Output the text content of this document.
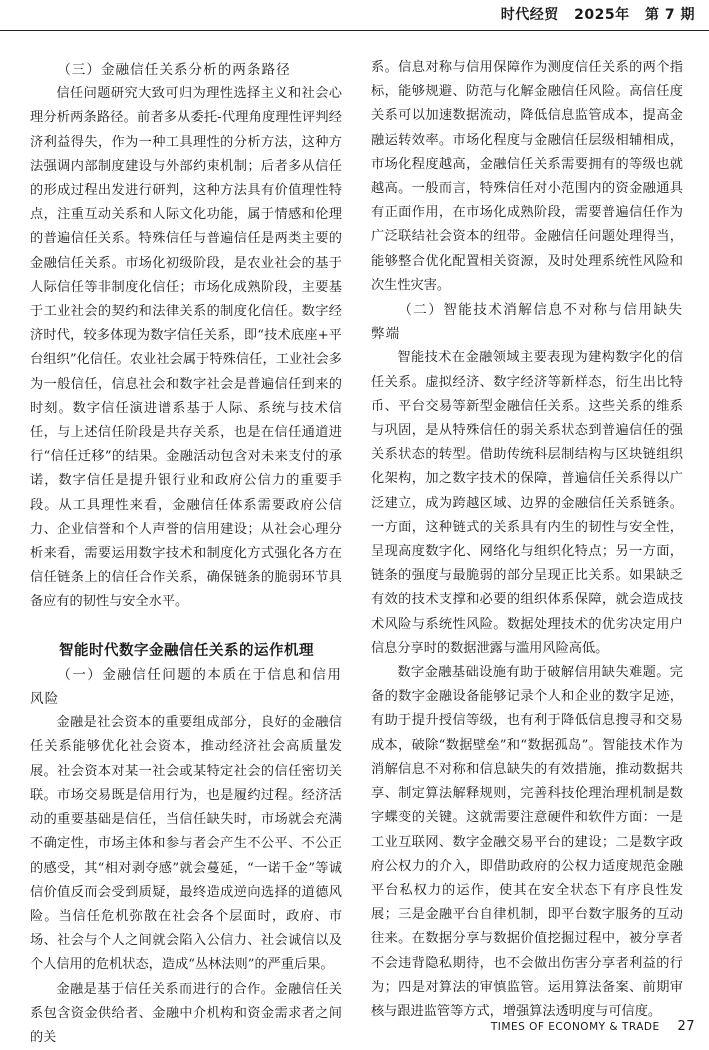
时代经贸 2025年 第 7 期

（三）金融信任关系分析的两条路径

信任问题研究大致可归为理性选择主义和社会心理分析两条路径。前者多从委托-代理角度理性评判经济利益得失，作为一种工具理性的分析方法，这种方法强调内部制度建设与外部约束机制；后者多从信任的形成过程出发进行研判，这种方法具有价值理性特点，注重互动关系和人际文化功能，属于情感和伦理的普遍信任关系。特殊信任与普遍信任是两类主要的金融信任关系。市场化初级阶段，是农业社会的基于人际信任等非制度化信任；市场化成熟阶段，主要基于工业社会的契约和法律关系的制度化信任。数字经济时代，较多体现为数字信任关系，即“技术底座+平台组织”化信任。农业社会属于特殊信任，工业社会多为一般信任，信息社会和数字社会是普遍信任到来的时刻。数字信任演进谱系基于人际、系统与技术信任，与上述信任阶段是共存关系，也是在信任通道进行“信任迁移”的结果。金融活动包含对未来支付的承诺，数字信任是提升银行业和政府公信力的重要手段。从工具理性来看，金融信任体系需要政府公信力、企业信誉和个人声誉的信用建设；从社会心理分析来看，需要运用数字技术和制度化方式强化各方在信任链条上的信任合作关系，确保链条的脆弱环节具备应有的韧性与安全水平。

智能时代数字金融信任关系的运作机理

（一）金融信任问题的本质在于信息和信用风险

金融是社会资本的重要组成部分，良好的金融信任关系能够优化社会资本，推动经济社会高质量发展。社会资本对某一社会或某特定社会的信任密切关联。市场交易既是信用行为，也是履约过程。经济活动的重要基础是信任，当信任缺失时，市场就会充满不确定性，市场主体和参与者会产生不公平、不公正的感受，其“相对剥夺感”就会蔓延，“一诺千金”等诚信价值反而会受到质疑，最终造成逆向选择的道德风险。当信任危机弥散在社会各个层面时，政府、市场、社会与个人之间就会陷入公信力、社会诚信以及个人信用的危机状态，造成“丛林法则”的严重后果。

金融是基于信任关系而进行的合作。金融信任关系包含资金供给者、金融中介机构和资金需求者之间的关

系。信息对称与信用保障作为测度信任关系的两个指标，能够规避、防范与化解金融信任风险。高信任度关系可以加速数据流动，降低信息监管成本，提高金融运转效率。市场化程度与金融信任层级相辅相成，市场化程度越高，金融信任关系需要拥有的等级也就越高。一般而言，特殊信任对小范围内的资金融通具有正面作用，在市场化成熟阶段，需要普遍信任作为广泛联结社会资本的纽带。金融信任问题处理得当，能够整合优化配置相关资源，及时处理系统性风险和次生性灾害。

（二）智能技术消解信息不对称与信用缺失弊端

智能技术在金融领域主要表现为建构数字化的信任关系。虚拟经济、数字经济等新样态，衍生出比特币、平台交易等新型金融信任关系。这些关系的维系与巩固，是从特殊信任的弱关系状态到普遍信任的强关系状态的转型。借助传统科层制结构与区块链组织化架构，加之数字技术的保障，普遍信任关系得以广泛建立，成为跨越区域、边界的金融信任关系链条。一方面，这种链式的关系具有内生的韧性与安全性，呈现高度数字化、网络化与组织化特点；另一方面，链条的强度与最脆弱的部分呈现正比关系。如果缺乏有效的技术支撑和必要的组织体系保障，就会造成技术风险与系统性风险。数据处理技术的优劣决定用户信息分享时的数据泄露与滥用风险高低。

数字金融基础设施有助于破解信用缺失难题。完备的数字金融设备能够记录个人和企业的数字足迹，有助于提升授信等级，也有利于降低信息搜寻和交易成本，破除“数据壁垒”和“数据孤岛”。智能技术作为消解信息不对称和信息缺失的有效措施，推动数据共享、制定算法解释规则，完善科技伦理治理机制是数字蝶变的关键。这就需要注意硬件和软件方面：一是工业互联网、数字金融交易平台的建设；二是数字政府公权力的介入，即借助政府的公权力适度规范金融平台私权力的运作，使其在安全状态下有序良性发展；三是金融平台自律机制，即平台数字服务的互动往来。在数据分享与数据价值挖掘过程中，被分享者不会违背隐私期待，也不会做出伤害分享者利益的行为；四是对算法的审慎监管。运用算法备案、前期审核与跟进监管等方式，增强算法透明度与可信度。

TIMES OF ECONOMY & TRADE 27
